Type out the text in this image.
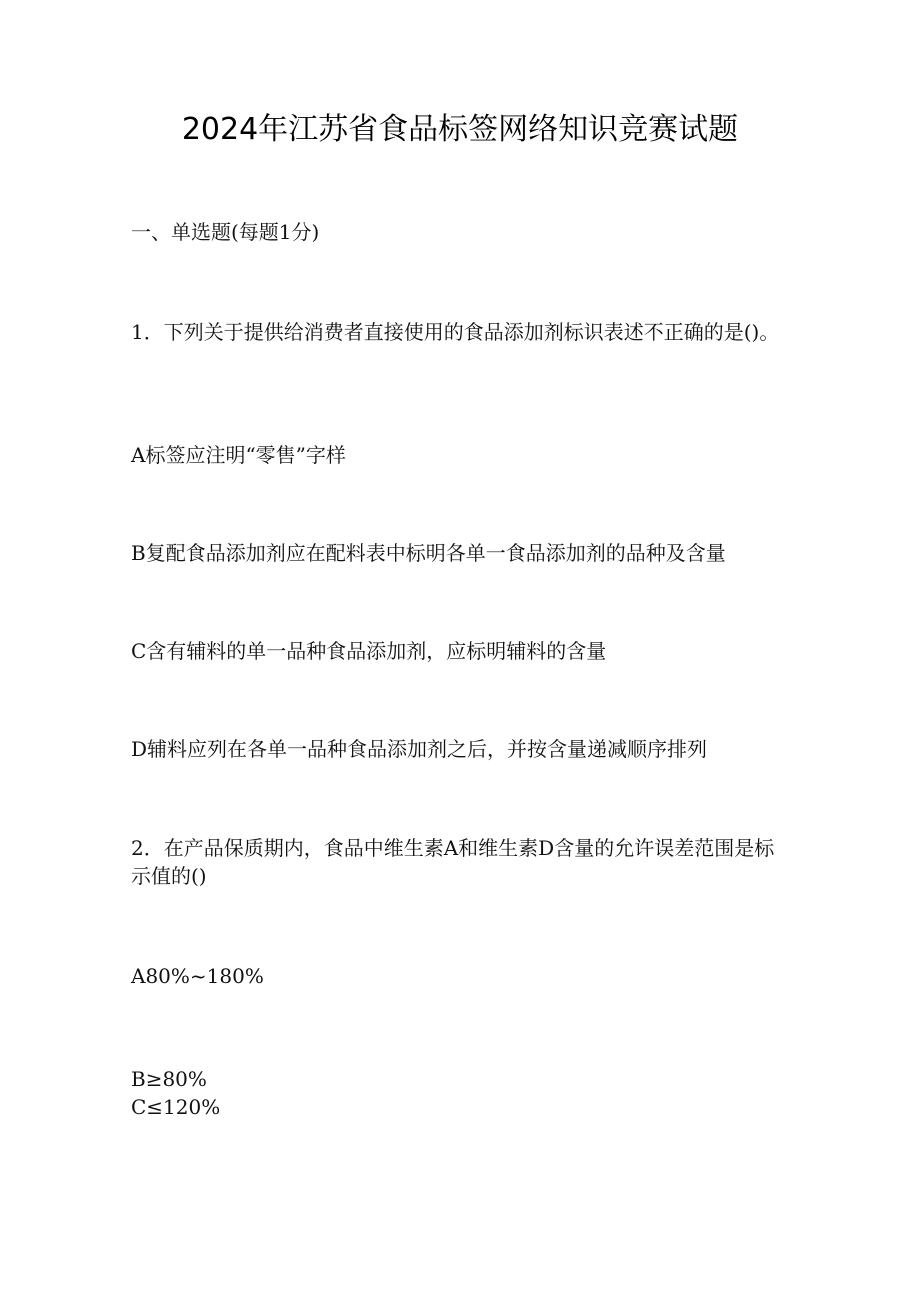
2024年江苏省食品标签网络知识竞赛试题
一、单选题(每题1分)
1．下列关于提供给消费者直接使用的食品添加剂标识表述不正确的是()。
A标签应注明“零售”字样
B复配食品添加剂应在配料表中标明各单一食品添加剂的品种及含量
C含有辅料的单一品种食品添加剂，应标明辅料的含量
D辅料应列在各单一品种食品添加剂之后，并按含量递减顺序排列
2．在产品保质期内，食品中维生素A和维生素D含量的允许误差范围是标示值的()
A80%~180%
B≥80%
C≤120%
